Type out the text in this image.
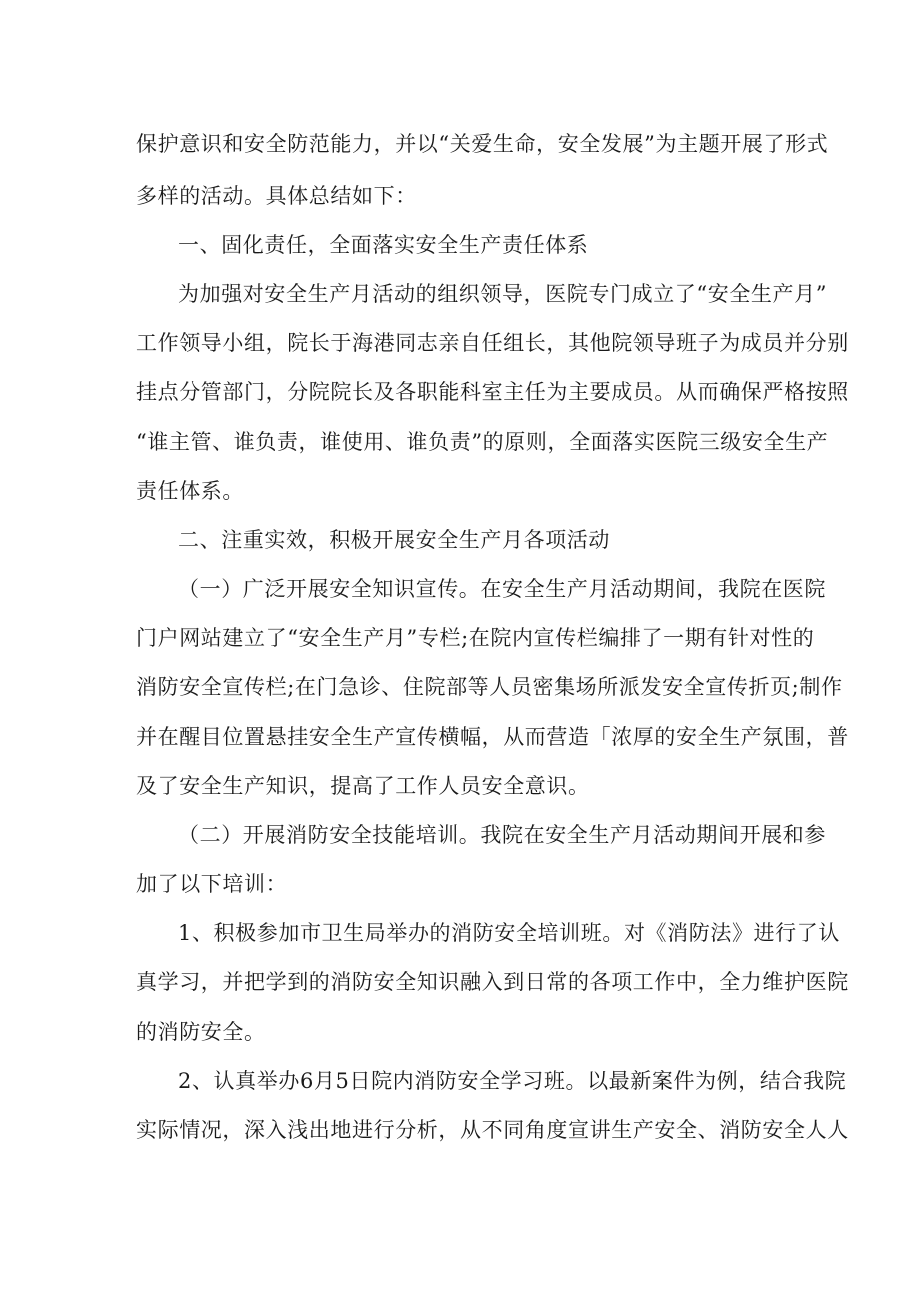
保护意识和安全防范能力，并以“关爱生命，安全发展”为主题开展了形式
多样的活动。具体总结如下：
一、固化责任，全面落实安全生产责任体系
为加强对安全生产月活动的组织领导，医院专门成立了“安全生产月”
工作领导小组，院长于海港同志亲自任组长，其他院领导班子为成员并分别
挂点分管部门，分院院长及各职能科室主任为主要成员。从而确保严格按照
“谁主管、谁负责，谁使用、谁负责”的原则，全面落实医院三级安全生产
责任体系。
二、注重实效，积极开展安全生产月各项活动
（一）广泛开展安全知识宣传。在安全生产月活动期间，我院在医院
门户网站建立了“安全生产月”专栏;在院内宣传栏编排了一期有针对性的
消防安全宣传栏;在门急诊、住院部等人员密集场所派发安全宣传折页;制作
并在醒目位置悬挂安全生产宣传横幅，从而营造「浓厚的安全生产氛围，普
及了安全生产知识，提高了工作人员安全意识。
（二）开展消防安全技能培训。我院在安全生产月活动期间开展和参
加了以下培训：
1、积极参加市卫生局举办的消防安全培训班。对《消防法》进行了认
真学习，并把学到的消防安全知识融入到日常的各项工作中，全力维护医院
的消防安全。
2、认真举办6月5日院内消防安全学习班。以最新案件为例，结合我院
实际情况，深入浅出地进行分析，从不同角度宣讲生产安全、消防安全人人
